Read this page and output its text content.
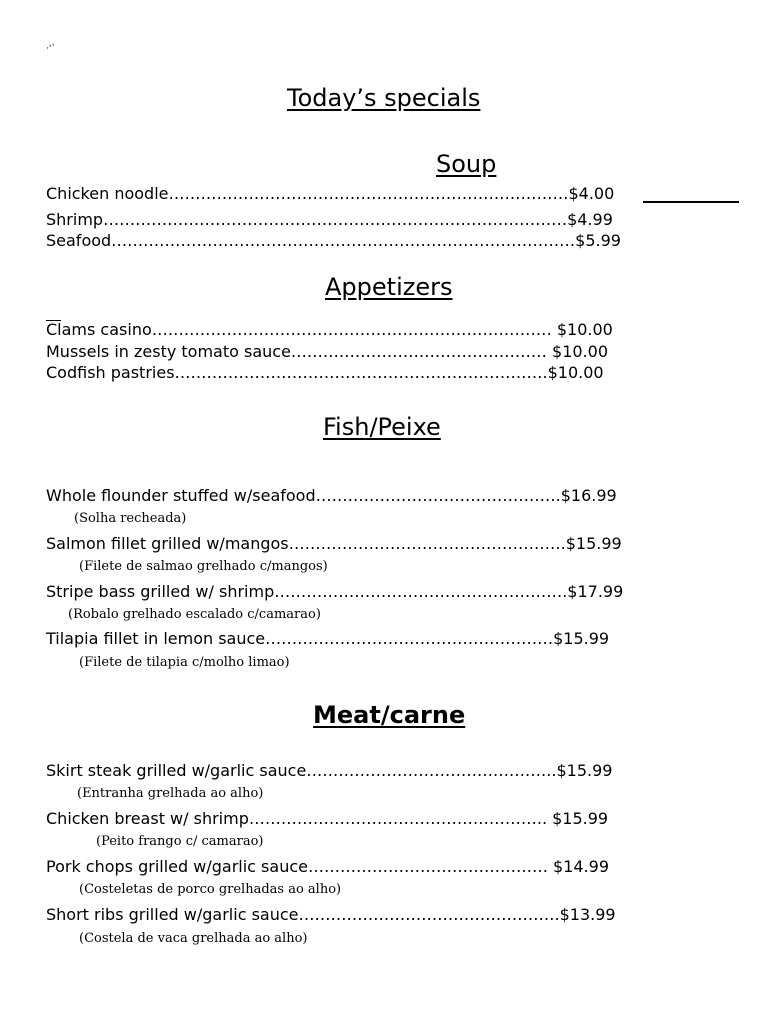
·'`
Today’s specials
Soup
Chicken noodle…………………………………………………………………$4.00
Shrimp……………………………………………………………………………$4.99
Seafood……………………………………………………………………………$5.99
Appetizers
Clams casino………………………………………………………………… $10.00
Mussels in zesty tomato sauce………………………………………… $10.00
Codfish pastries…………………………………………………………….$10.00
Fish/Peixe
Whole flounder stuffed w/seafood……………………………………….$16.99
(Solha recheada)
Salmon fillet grilled w/mangos…………………………………………….$15.99
(Filete de salmao grelhado c/mangos)
Stripe bass grilled w/ shrimp……………………………………………….$17.99
(Robalo grelhado escalado c/camarao)
Tilapia fillet in lemon sauce………………………………………………$15.99
(Filete de tilapia c/molho limao)
Meat/carne
Skirt steak grilled w/garlic sauce………………………………………..$15.99
(Entranha grelhada ao alho)
Chicken breast w/ shrimp……………………………………………….. $15.99
(Peito frango c/ camarao)
Pork chops grilled w/garlic sauce……………………………………… $14.99
(Costeletas de porco grelhadas ao alho)
Short ribs grilled w/garlic sauce………………………………………….$13.99
(Costela de vaca grelhada ao alho)
